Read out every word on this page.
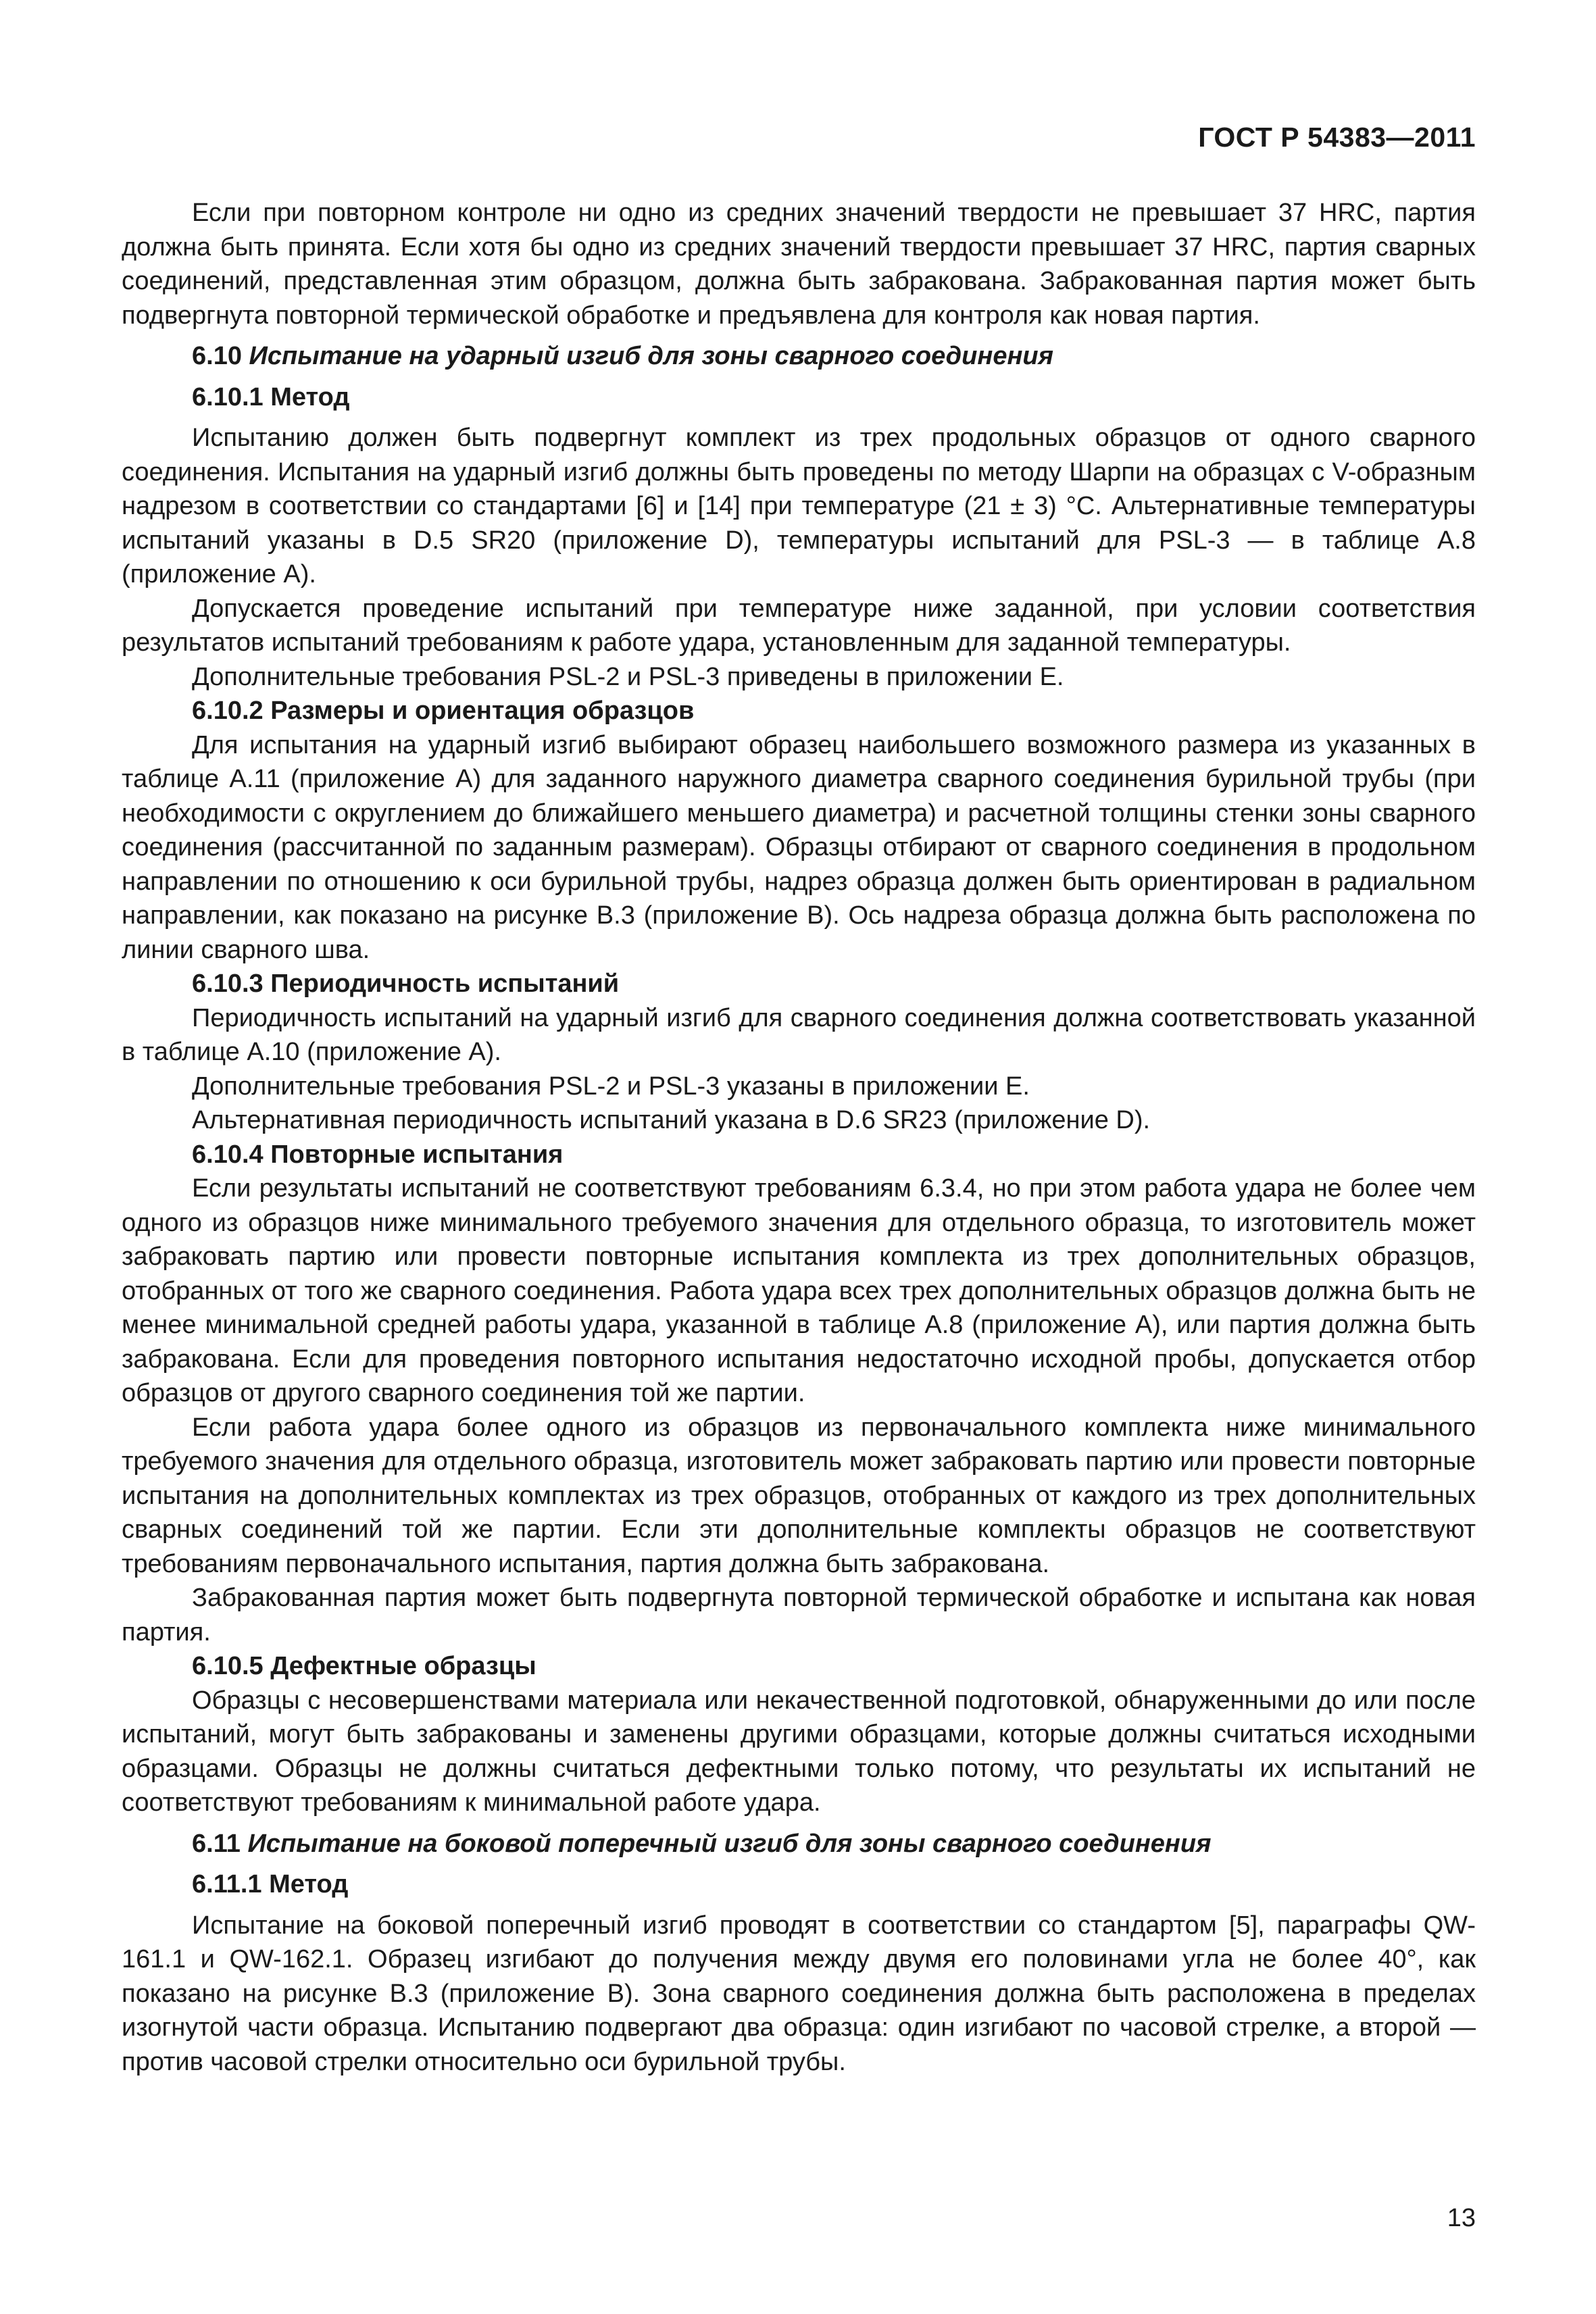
ГОСТ Р 54383—2011

Если при повторном контроле ни одно из средних значений твердости не превышает 37 HRC, партия должна быть принята. Если хотя бы одно из средних значений твердости превышает 37 HRC, партия сварных соединений, представленная этим образцом, должна быть забракована. Забракованная партия может быть подвергнута повторной термической обработке и предъявлена для контроля как новая партия.

6.10 Испытание на ударный изгиб для зоны сварного соединения

6.10.1 Метод

Испытанию должен быть подвергнут комплект из трех продольных образцов от одного сварного соединения. Испытания на ударный изгиб должны быть проведены по методу Шарпи на образцах с V-образным надрезом в соответствии со стандартами [6] и [14] при температуре (21 ± 3) °С. Альтернативные температуры испытаний указаны в D.5 SR20 (приложение D), температуры испытаний для PSL-3 — в таблице А.8 (приложение А).

Допускается проведение испытаний при температуре ниже заданной, при условии соответствия результатов испытаний требованиям к работе удара, установленным для заданной температуры.

Дополнительные требования PSL-2 и PSL-3 приведены в приложении Е.

6.10.2 Размеры и ориентация образцов

Для испытания на ударный изгиб выбирают образец наибольшего возможного размера из указанных в таблице А.11 (приложение А) для заданного наружного диаметра сварного соединения бурильной трубы (при необходимости с округлением до ближайшего меньшего диаметра) и расчетной толщины стенки зоны сварного соединения (рассчитанной по заданным размерам). Образцы отбирают от сварного соединения в продольном направлении по отношению к оси бурильной трубы, надрез образца должен быть ориентирован в радиальном направлении, как показано на рисунке В.3 (приложение В). Ось надреза образца должна быть расположена по линии сварного шва.

6.10.3 Периодичность испытаний

Периодичность испытаний на ударный изгиб для сварного соединения должна соответствовать указанной в таблице А.10 (приложение А).

Дополнительные требования PSL-2 и PSL-3 указаны в приложении Е.

Альтернативная периодичность испытаний указана в D.6 SR23 (приложение D).

6.10.4 Повторные испытания

Если результаты испытаний не соответствуют требованиям 6.3.4, но при этом работа удара не более чем одного из образцов ниже минимального требуемого значения для отдельного образца, то изготовитель может забраковать партию или провести повторные испытания комплекта из трех дополнительных образцов, отобранных от того же сварного соединения. Работа удара всех трех дополнительных образцов должна быть не менее минимальной средней работы удара, указанной в таблице А.8 (приложение А), или партия должна быть забракована. Если для проведения повторного испытания недостаточно исходной пробы, допускается отбор образцов от другого сварного соединения той же партии.

Если работа удара более одного из образцов из первоначального комплекта ниже минимального требуемого значения для отдельного образца, изготовитель может забраковать партию или провести повторные испытания на дополнительных комплектах из трех образцов, отобранных от каждого из трех дополнительных сварных соединений той же партии. Если эти дополнительные комплекты образцов не соответствуют требованиям первоначального испытания, партия должна быть забракована.

Забракованная партия может быть подвергнута повторной термической обработке и испытана как новая партия.

6.10.5 Дефектные образцы

Образцы с несовершенствами материала или некачественной подготовкой, обнаруженными до или после испытаний, могут быть забракованы и заменены другими образцами, которые должны считаться исходными образцами. Образцы не должны считаться дефектными только потому, что результаты их испытаний не соответствуют требованиям к минимальной работе удара.

6.11 Испытание на боковой поперечный изгиб для зоны сварного соединения

6.11.1 Метод

Испытание на боковой поперечный изгиб проводят в соответствии со стандартом [5], параграфы QW-161.1 и QW-162.1. Образец изгибают до получения между двумя его половинами угла не более 40°, как показано на рисунке В.3 (приложение В). Зона сварного соединения должна быть расположена в пределах изогнутой части образца. Испытанию подвергают два образца: один изгибают по часовой стрелке, а второй — против часовой стрелки относительно оси бурильной трубы.

13
